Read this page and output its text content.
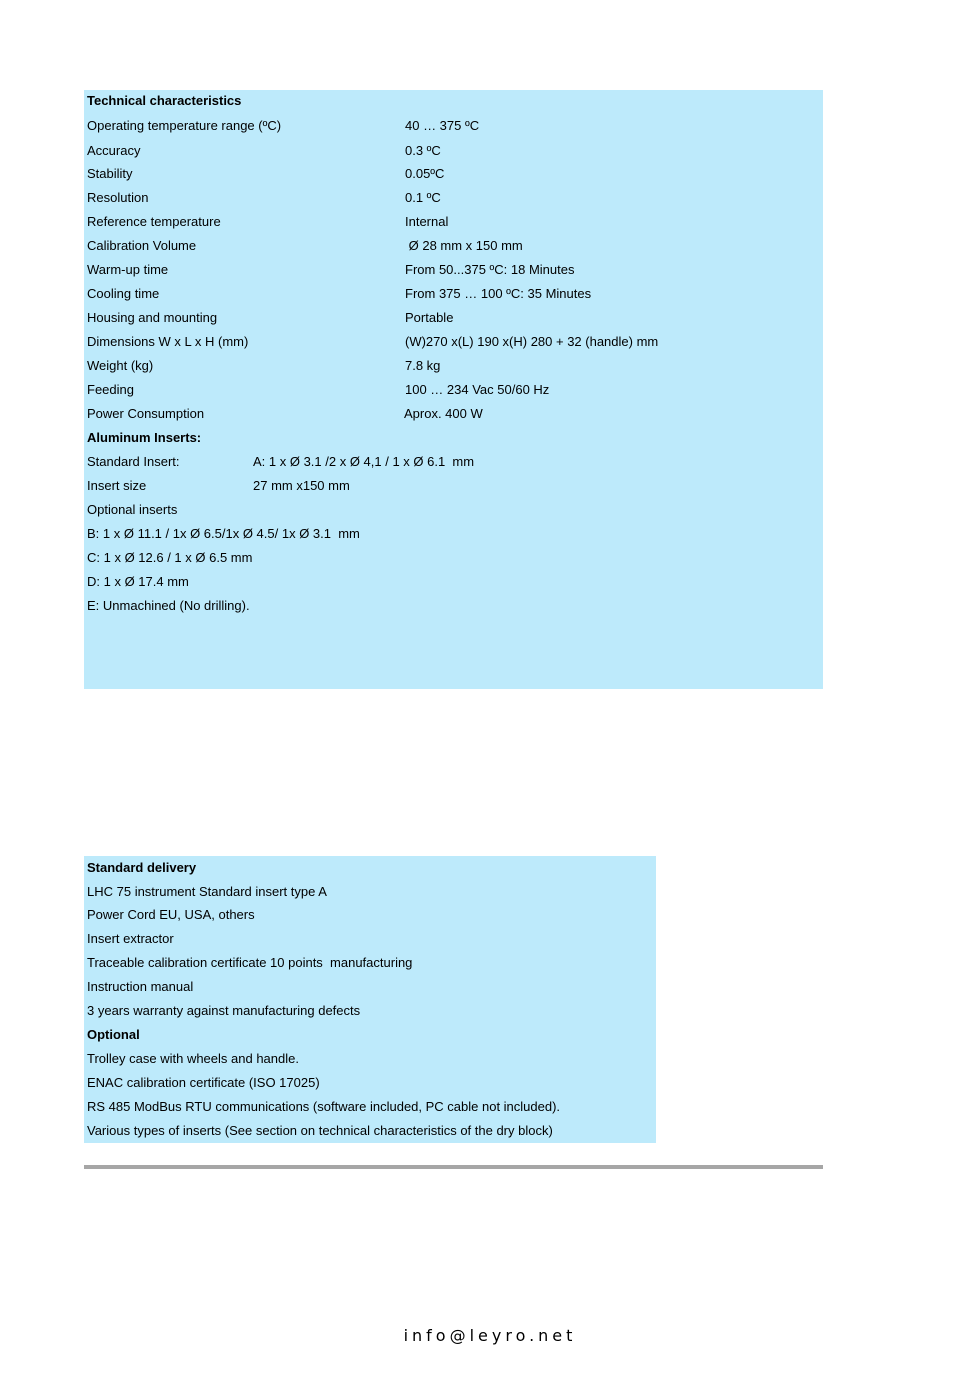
Technical characteristics
Operating temperature range (ºC)	40 … 375 ºC
Accuracy	0.3 ºC
Stability	0.05ºC
Resolution	0.1 ºC
Reference temperature	Internal
Calibration Volume	Ø 28 mm x 150 mm
Warm-up time	From 50...375 ºC: 18 Minutes
Cooling time	From 375 … 100 ºC: 35 Minutes
Housing and mounting	Portable
Dimensions W x L x H (mm)	(W)270 x(L) 190 x(H) 280 + 32 (handle) mm
Weight (kg)	7.8 kg
Feeding	100 … 234 Vac 50/60 Hz
Power Consumption	Aprox. 400 W
Aluminum Inserts:
Standard Insert:	A: 1 x Ø 3.1 /2 x Ø 4,1 / 1 x Ø 6.1  mm
Insert size	27 mm x150 mm
Optional inserts
B: 1 x Ø 11.1 / 1x Ø 6.5/1x Ø 4.5/ 1x Ø 3.1  mm
C: 1 x Ø 12.6 / 1 x Ø 6.5 mm
D: 1 x Ø 17.4 mm
E: Unmachined (No drilling).
Standard delivery
LHC 75 instrument Standard insert type A
Power Cord EU, USA, others
Insert extractor
Traceable calibration certificate 10 points  manufacturing
Instruction manual
3 years warranty against manufacturing defects
Optional
Trolley case with wheels and handle.
ENAC calibration certificate (ISO 17025)
RS 485 ModBus RTU communications (software included, PC cable not included).
Various types of inserts (See section on technical characteristics of the dry block)
info@leyro.net
